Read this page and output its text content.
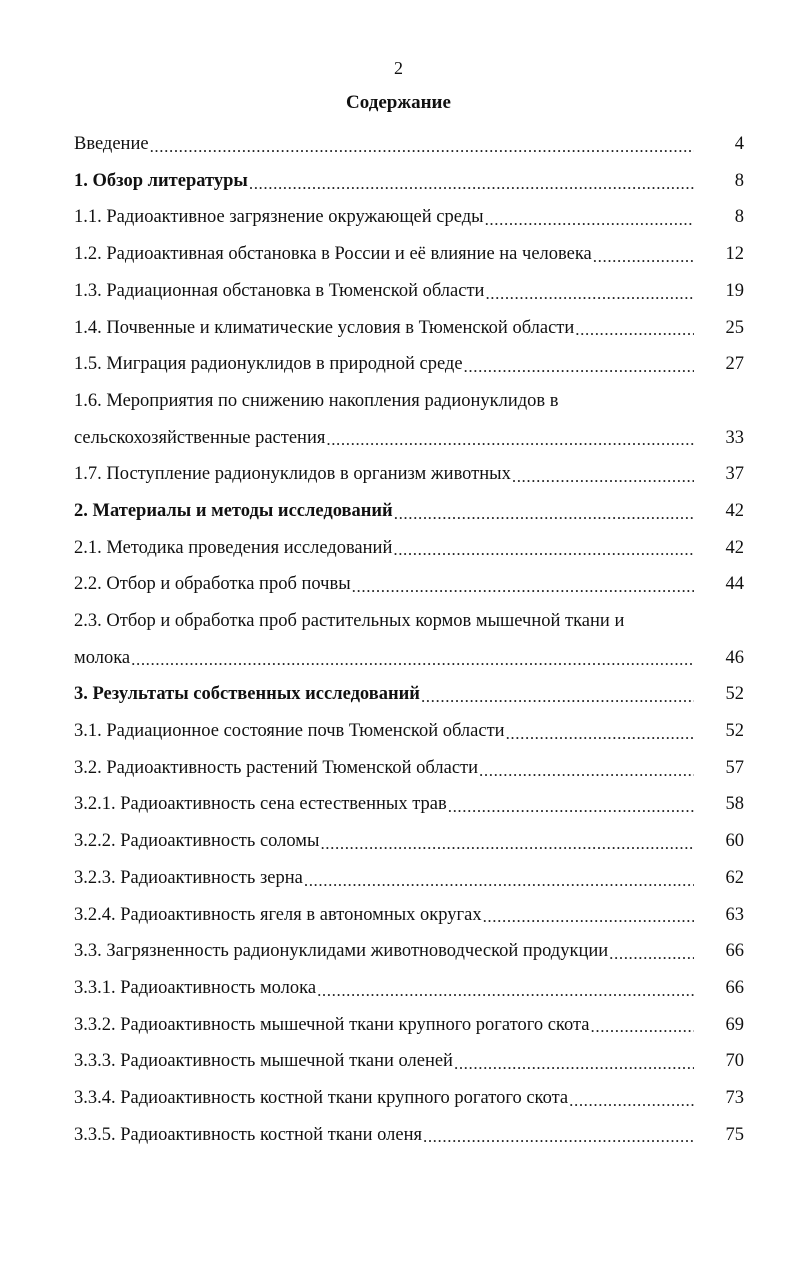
2
Содержание
Введение .....	4
1. Обзор литературы .....	8
1.1. Радиоактивное загрязнение окружающей среды .....	8
1.2. Радиоактивная обстановка в России и её влияние на человека .....	12
1.3. Радиационная обстановка в Тюменской области .....	19
1.4. Почвенные и климатические условия в Тюменской области .....	25
1.5. Миграция радионуклидов в природной среде .....	27
1.6. Мероприятия по снижению накопления радионуклидов в
сельскохозяйственные растения .....	33
1.7. Поступление радионуклидов в организм животных .....	37
2. Материалы и методы исследований .....	42
2.1. Методика проведения исследований .....	42
2.2. Отбор и обработка проб почвы .....	44
2.3. Отбор и обработка проб растительных кормов мышечной ткани и
молока .....	46
3. Результаты собственных исследований .....	52
3.1. Радиационное состояние почв Тюменской области .....	52
3.2. Радиоактивность растений Тюменской области .....	57
3.2.1. Радиоактивность сена естественных трав .....	58
3.2.2. Радиоактивность соломы .....	60
3.2.3. Радиоактивность зерна .....	62
3.2.4. Радиоактивность ягеля в автономных округах .....	63
3.3. Загрязненность радионуклидами животноводческой продукции .....	66
3.3.1. Радиоактивность молока .....	66
3.3.2. Радиоактивность мышечной ткани крупного рогатого скота .....	69
3.3.3. Радиоактивность мышечной ткани оленей .....	70
3.3.4. Радиоактивность костной ткани крупного рогатого скота .....	73
3.3.5. Радиоактивность костной ткани оленя .....	75
